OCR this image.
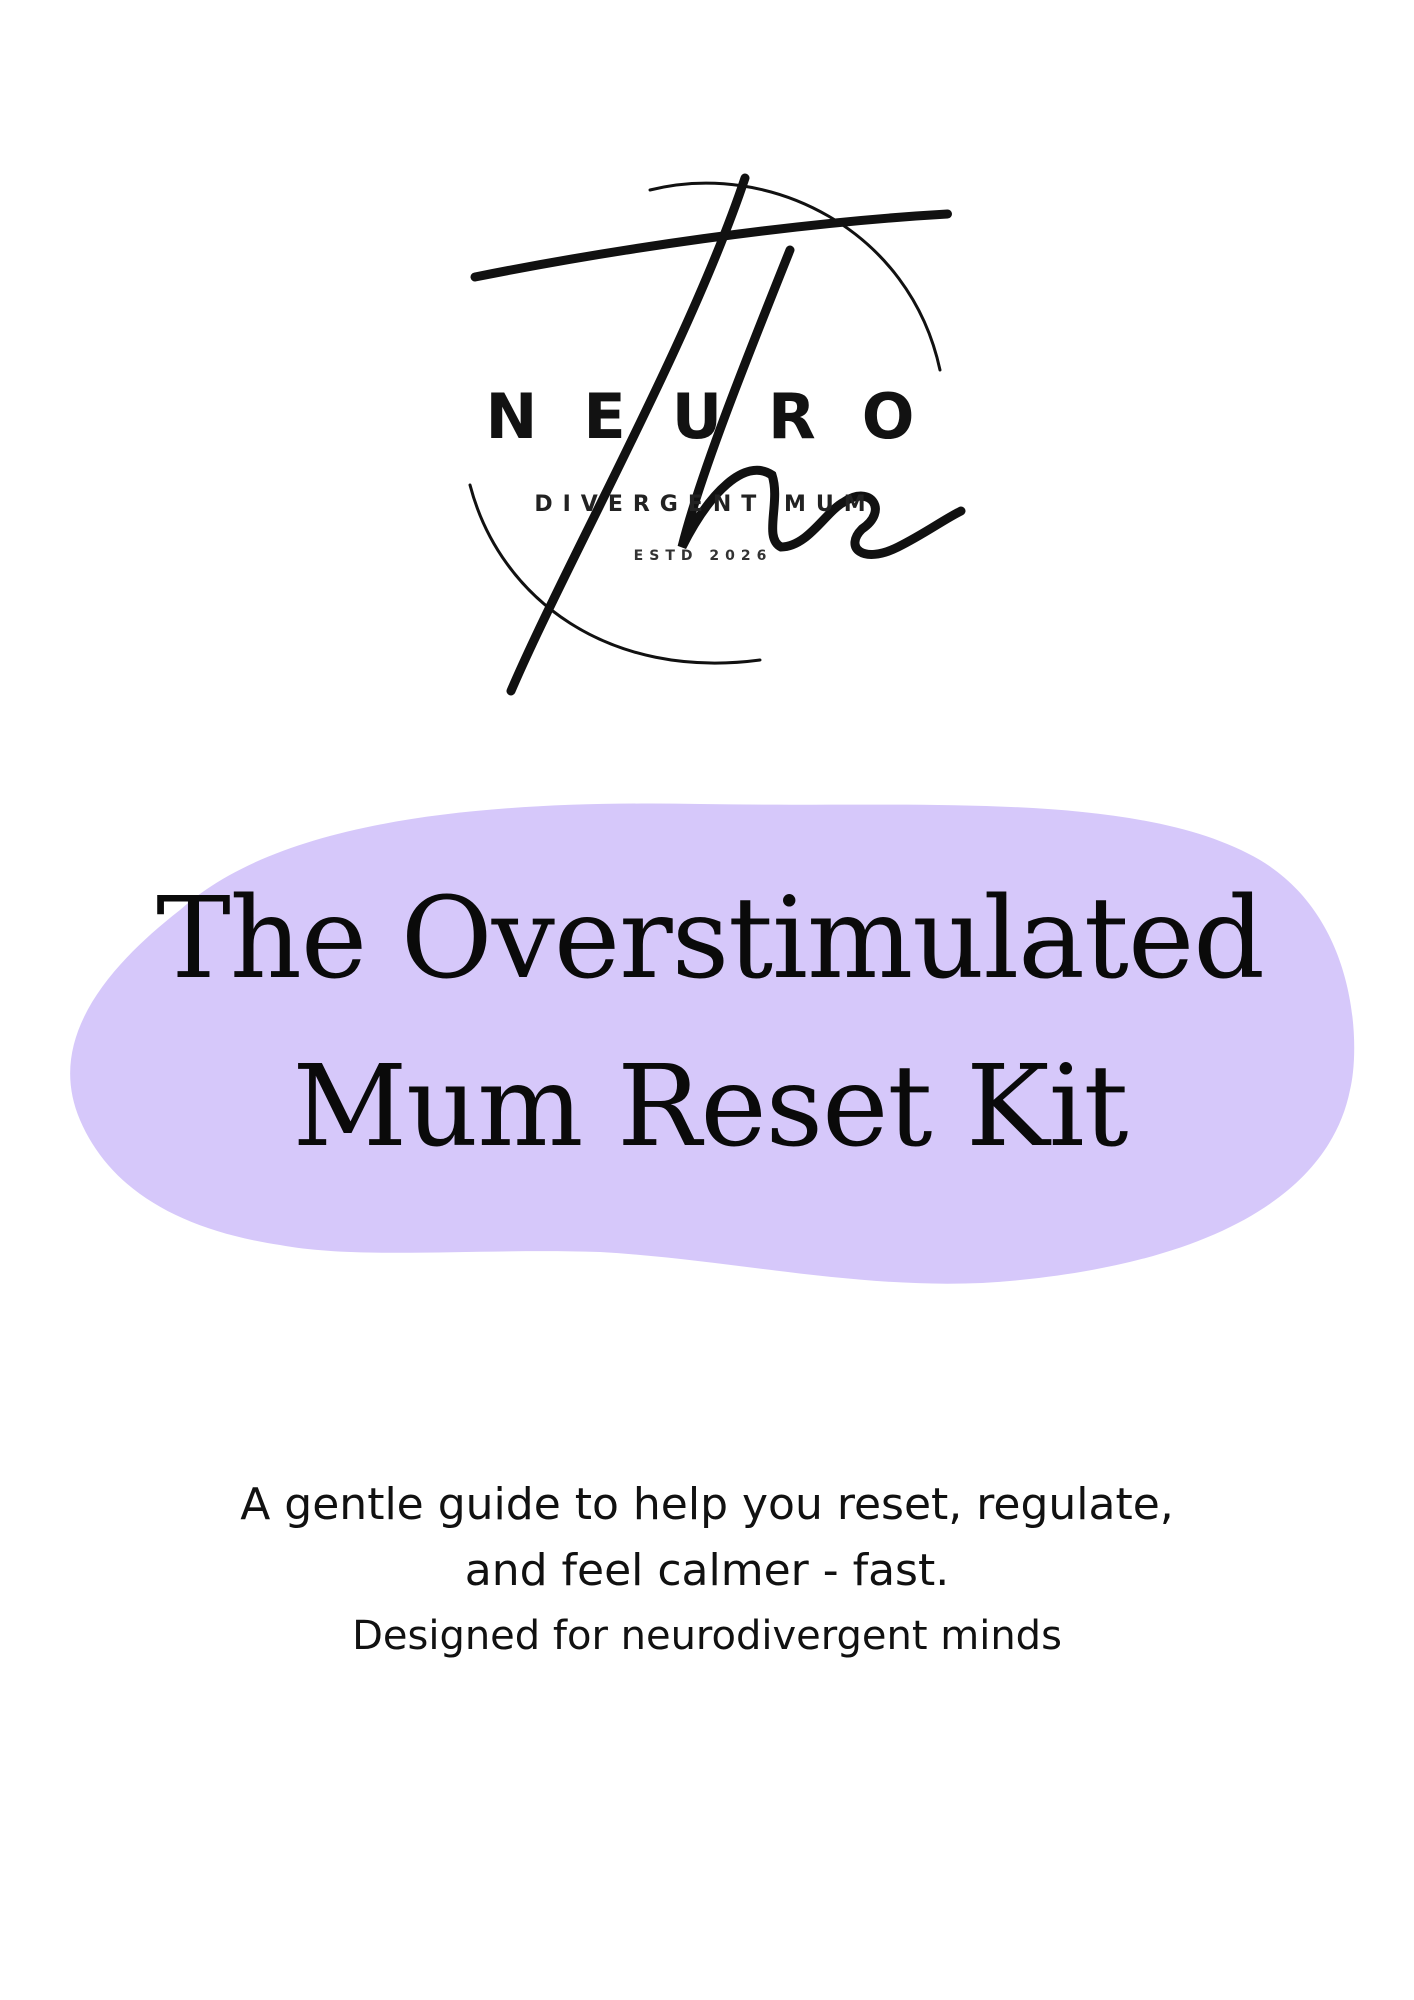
NEURO
DIVERGENT MUM
ESTD 2026
The Overstimulated
Mum Reset Kit
A gentle guide to help you reset, regulate,
and feel calmer - fast.
Designed for neurodivergent minds
